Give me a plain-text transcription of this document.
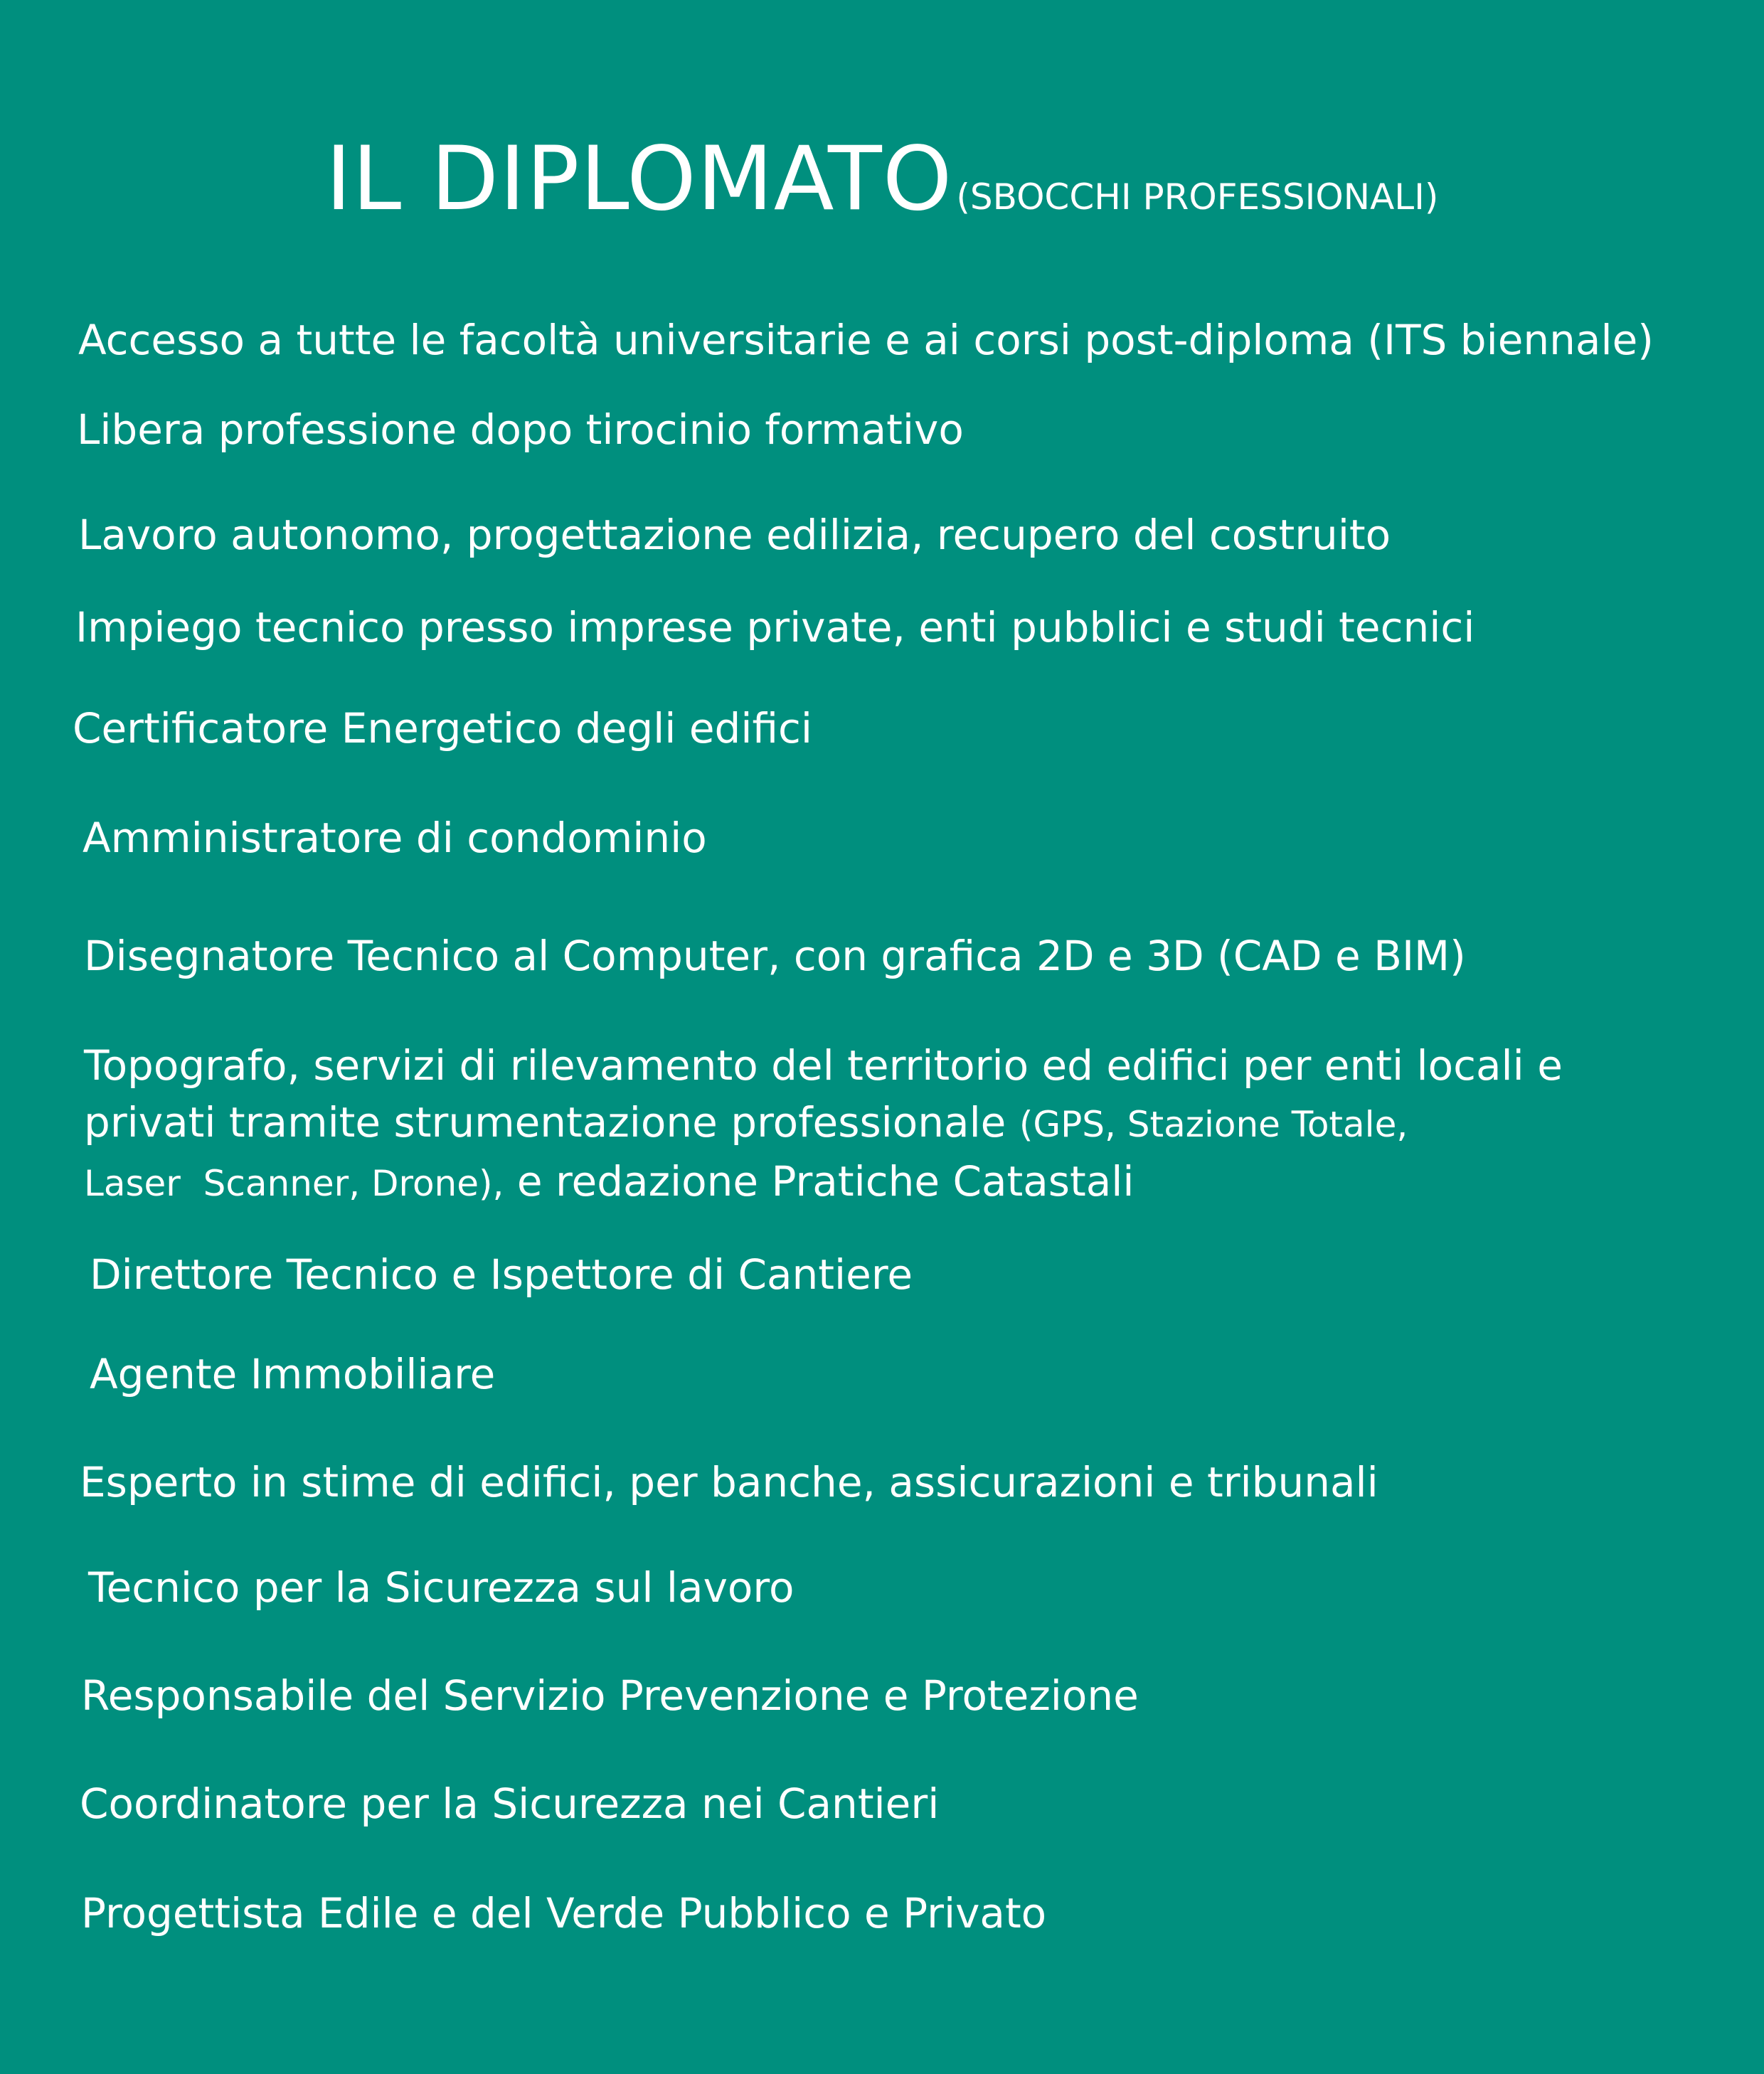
IL DIPLOMATO (SBOCCHI PROFESSIONALI)
Accesso a tutte le facoltà universitarie e ai corsi post-diploma (ITS biennale)
Libera professione dopo tirocinio formativo
Lavoro autonomo, progettazione edilizia, recupero del costruito
Impiego tecnico presso imprese private, enti pubblici e studi tecnici
Certificatore Energetico degli edifici
Amministratore di condominio
Disegnatore Tecnico al Computer, con grafica 2D e 3D (CAD e BIM)
Topografo, servizi di rilevamento del territorio ed edifici per enti locali e
privati tramite strumentazione professionale (GPS, Stazione Totale,
Laser  Scanner, Drone), e redazione Pratiche Catastali
Direttore Tecnico e Ispettore di Cantiere
Agente Immobiliare
Esperto in stime di edifici, per banche, assicurazioni e tribunali
Tecnico per la Sicurezza sul lavoro
Responsabile del Servizio Prevenzione e Protezione
Coordinatore per la Sicurezza nei Cantieri
Progettista Edile e del Verde Pubblico e Privato
